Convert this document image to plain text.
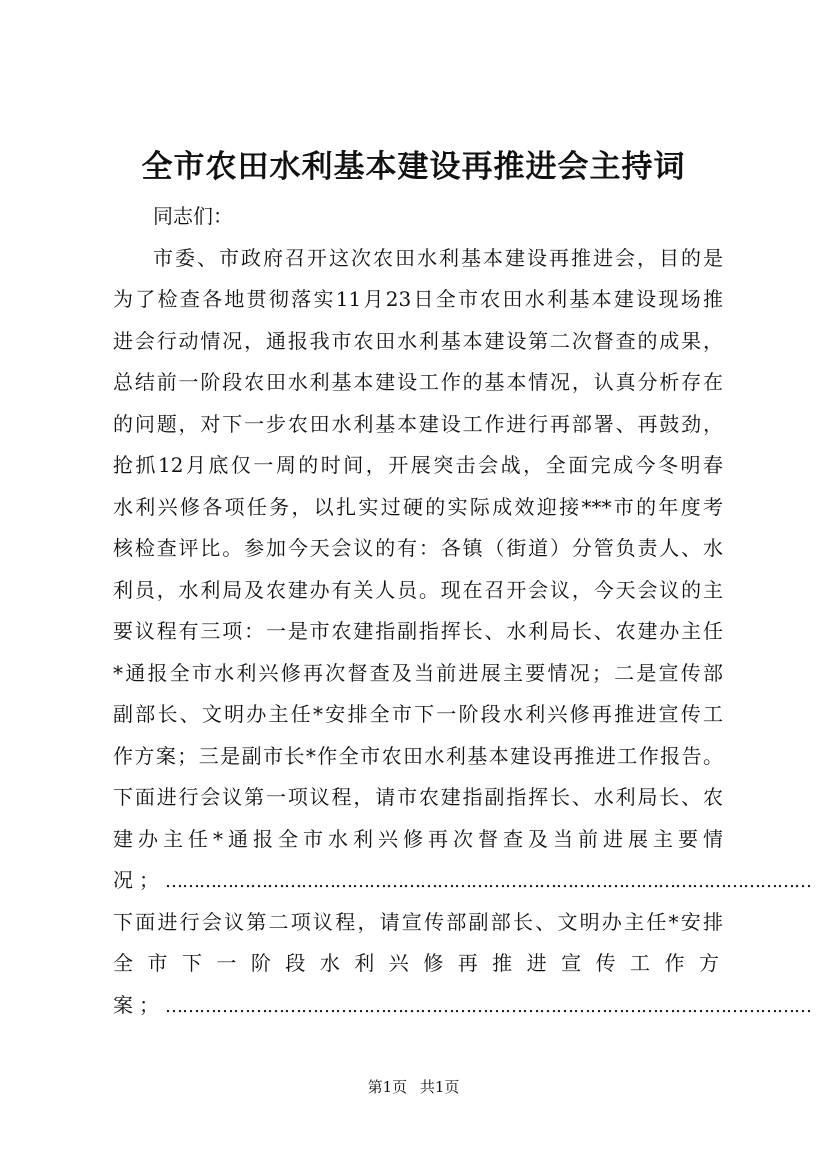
全市农田水利基本建设再推进会主持词
同志们：
市委、市政府召开这次农田水利基本建设再推进会，目的是
为了检查各地贯彻落实11月23日全市农田水利基本建设现场推
进会行动情况，通报我市农田水利基本建设第二次督查的成果，
总结前一阶段农田水利基本建设工作的基本情况，认真分析存在
的问题，对下一步农田水利基本建设工作进行再部署、再鼓劲，
抢抓12月底仅一周的时间，开展突击会战，全面完成今冬明春
水利兴修各项任务，以扎实过硬的实际成效迎接***市的年度考
核检查评比。参加今天会议的有：各镇（街道）分管负责人、水
利员，水利局及农建办有关人员。现在召开会议，今天会议的主
要议程有三项：一是市农建指副指挥长、水利局长、农建办主任
*通报全市水利兴修再次督查及当前进展主要情况；二是宣传部
副部长、文明办主任*安排全市下一阶段水利兴修再推进宣传工
作方案；三是副市长*作全市农田水利基本建设再推进工作报告。
下面进行会议第一项议程，请市农建指副指挥长、水利局长、农
建办主任*通报全市水利兴修再次督查及当前进展主要情
况； ……………………………………………………………………………………………………
下面进行会议第二项议程，请宣传部副部长、文明办主任*安排
全市下一阶段水利兴修再推进宣传工作方
案； ……………………………………………………………………………………………………
第1页 共1页
